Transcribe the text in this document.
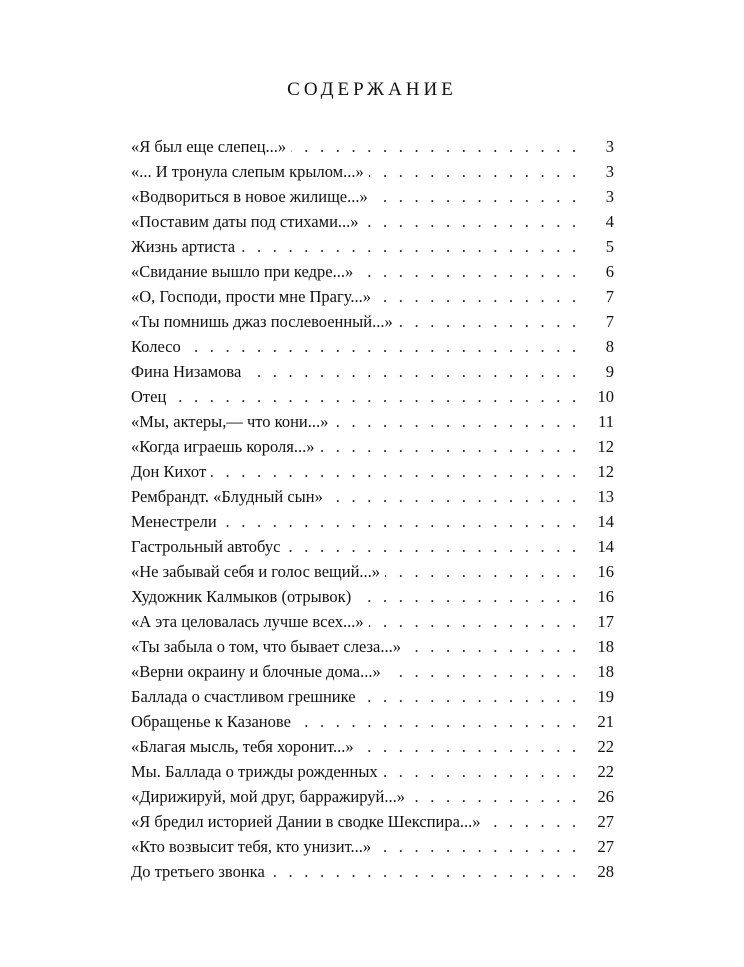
СОДЕРЖАНИЕ
. . .
«Я был еще слепец...»	3
. . .
«... И тронула слепым крылом...»	3
. . .
«Водвориться в новое жилище...»	3
. . .
«Поставим даты под стихами...»	4
. . .
Жизнь артиста	5
. . .
«Свидание вышло при кедре...»	6
. . .
«О, Господи, прости мне Прагу...»	7
. . .
«Ты помнишь джаз послевоенный...»	7
. . .
Колесо	8
. . .
Фина Низамова	9
. . .
Отец	10
. . .
«Мы, актеры,— что кони...»	11
. . .
«Когда играешь короля...»	12
. . .
Дон Кихот	12
. . .
Рембрандт. «Блудный сын»	13
. . .
Менестрели	14
. . .
Гастрольный автобус	14
. . .
«Не забывай себя и голос вещий...»	16
. . .
Художник Калмыков (отрывок)	16
. . .
«А эта целовалась лучше всех...»	17
. . .
«Ты забыла о том, что бывает слеза...»	18
. . .
«Верни окраину и блочные дома...»	18
. . .
Баллада о счастливом грешнике	19
. . .
Обращенье к Казанове	21
. . .
«Благая мысль, тебя хоронит...»	22
. . .
Мы. Баллада о трижды рожденных	22
. . .
«Дирижируй, мой друг, барражируй...»	26
. . .
«Я бредил историей Дании в сводке Шекспира...»	27
. . .
«Кто возвысит тебя, кто унизит...»	27
. . .
До третьего звонка	28
